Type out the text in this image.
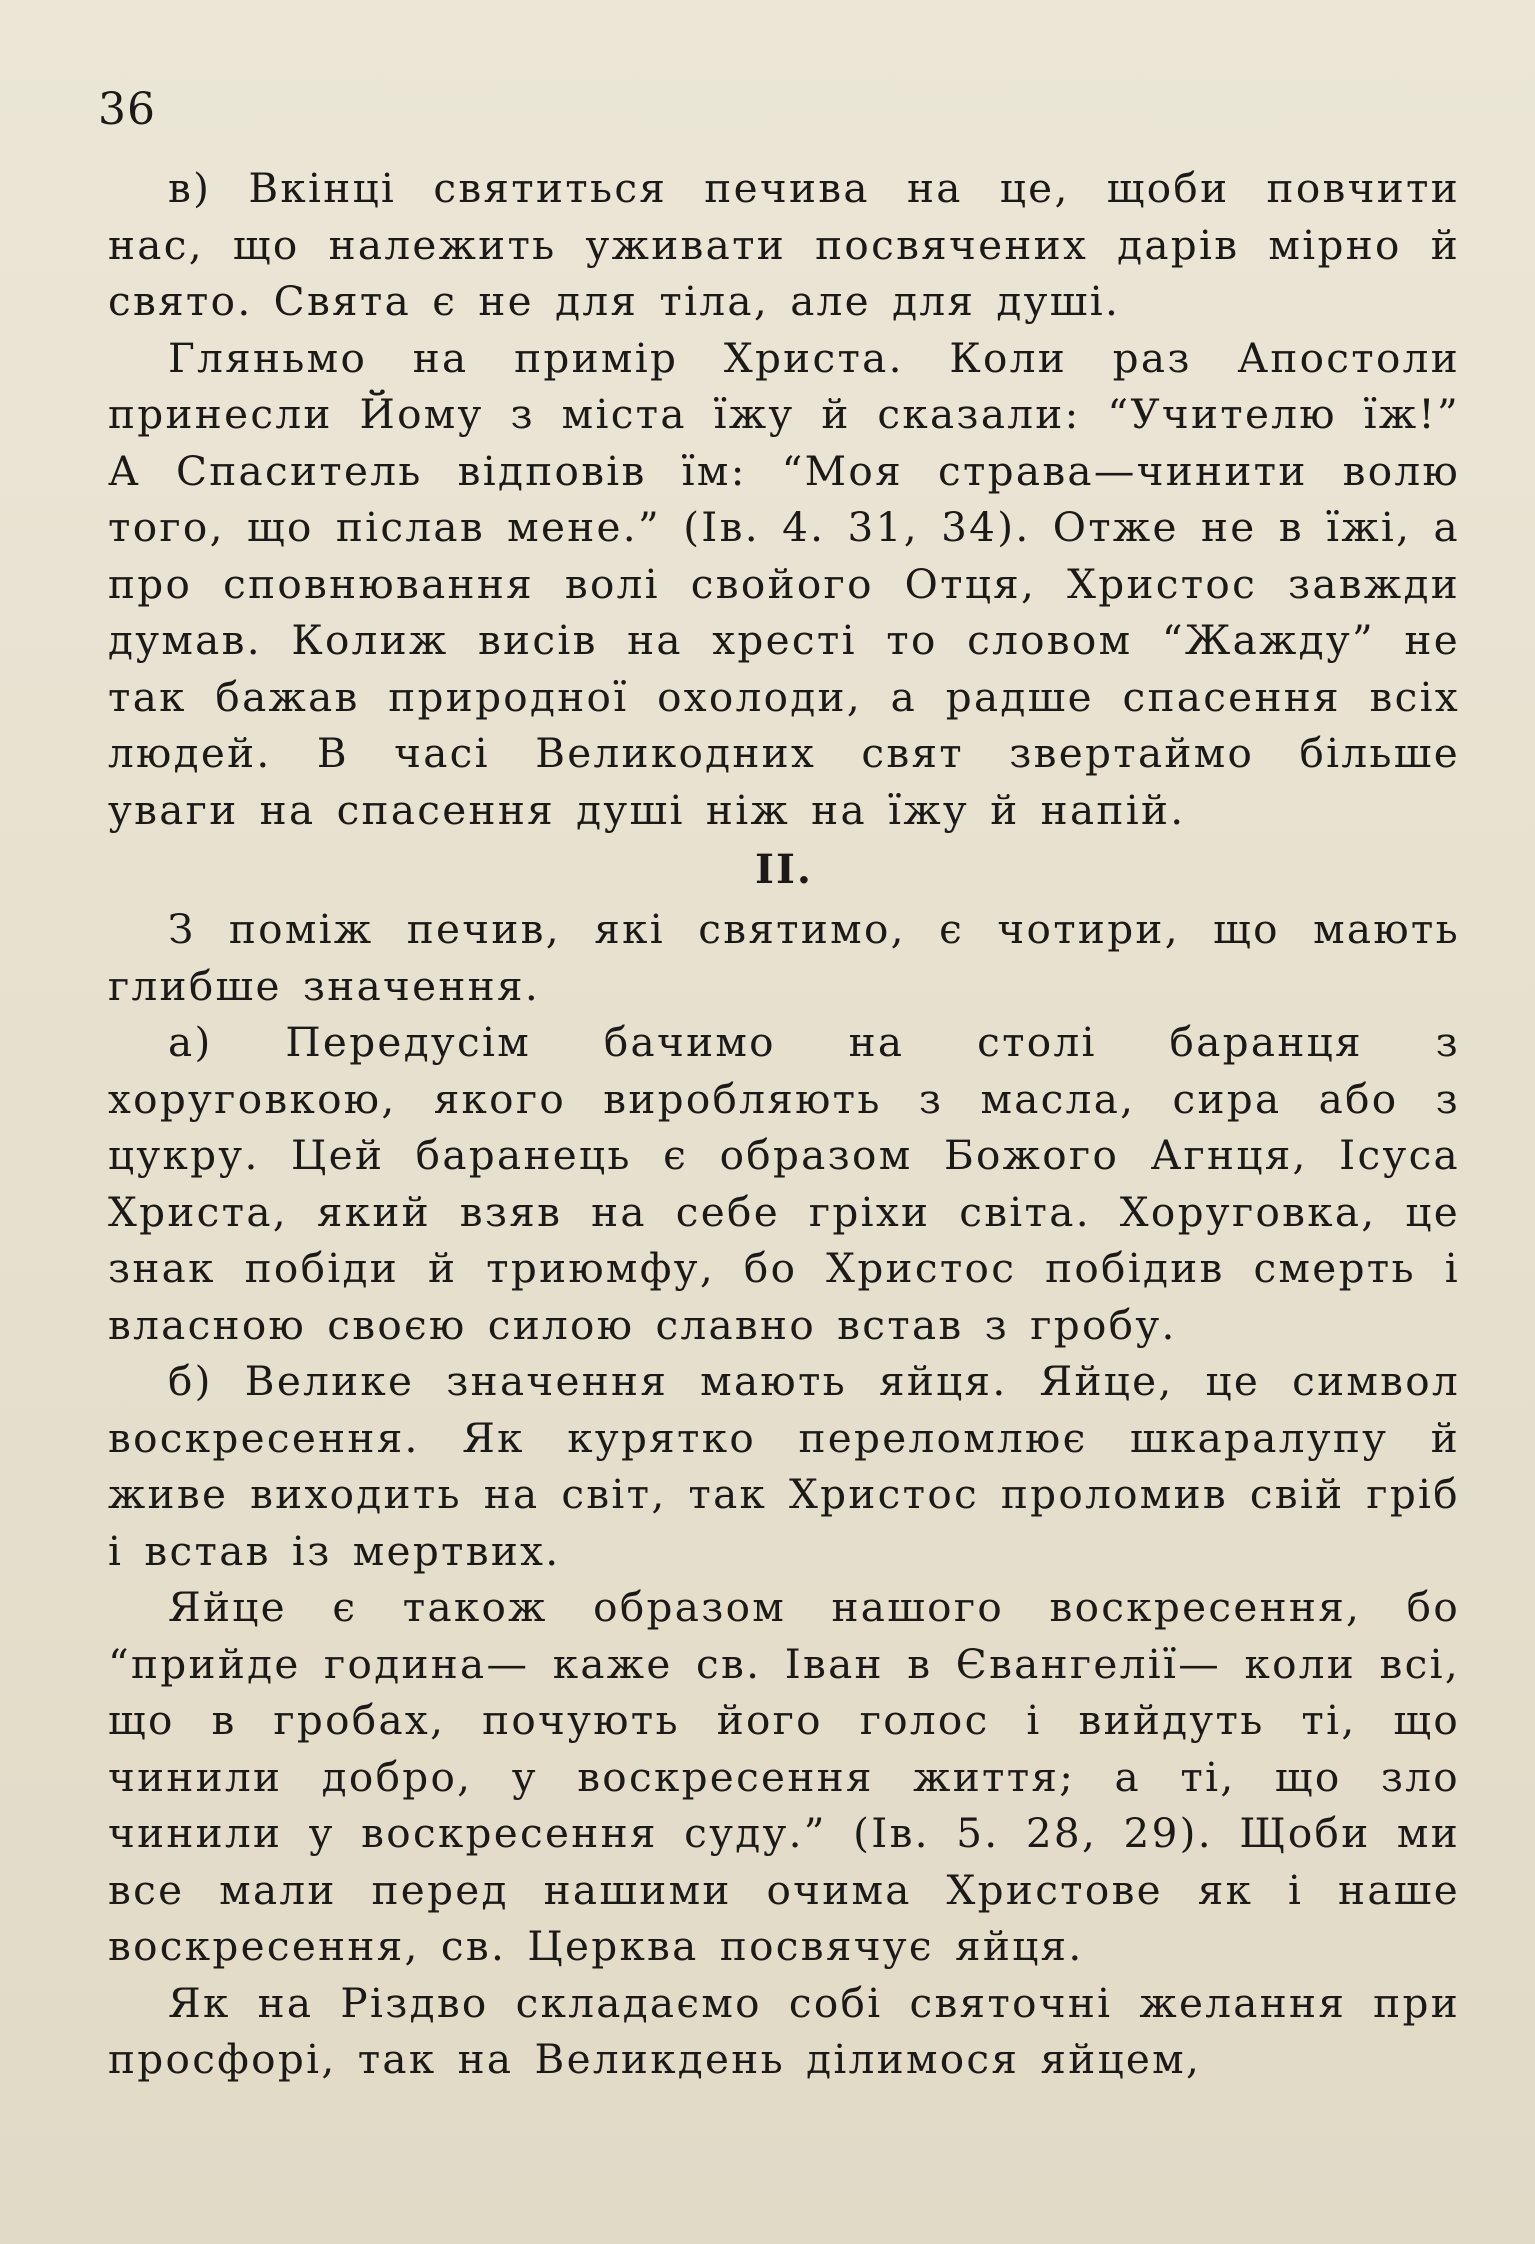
36

в) Вкінці святиться печива на це, щоби повчити нас, що належить уживати посвячених дарів мірно й свято. Свята є не для тіла, але для душі.

Гляньмо на примір Христа. Коли раз Апостоли принесли Йому з міста їжу й сказали: “Учителю їж!” А Спаситель відповів їм: “Моя страва—чинити волю того, що післав мене.” (Ів. 4. 31, 34). Отже не в їжі, а про сповнювання волі свойого Отця, Христос завжди думав. Колиж висів на хресті то словом “Жажду” не так бажав природної охолоди, а радше спасення всіх людей. В часі Великодних свят звертаймо більше уваги на спасення душі ніж на їжу й напій.

II.

З поміж печив, які святимо, є чотири, що мають глибше значення.

а) Передусім бачимо на столі баранця з хоруговкою, якого виробляють з масла, сира або з цукру. Цей баранець є образом Божого Агнця, Ісуса Христа, який взяв на себе гріхи світа. Хоруговка, це знак побіди й триюмфу, бо Христос побідив смерть і власною своєю силою славно встав з гробу.

б) Велике значення мають яйця. Яйце, це символ воскресення. Як курятко переломлює шкаралупу й живе виходить на світ, так Христос проломив свій гріб і встав із мертвих.

Яйце є також образом нашого воскресення, бо “прийде година— каже св. Іван в Євангелії— коли всі, що в гробах, почують його голос і вийдуть ті, що чинили добро, у воскресення життя; а ті, що зло чинили у воскресення суду.” (Ів. 5. 28, 29). Щоби ми все мали перед нашими очима Христове як і наше воскресення, св. Церква посвячує яйця.

Як на Різдво складаємо собі святочні желання при просфорі, так на Великдень ділимося яйцем,
